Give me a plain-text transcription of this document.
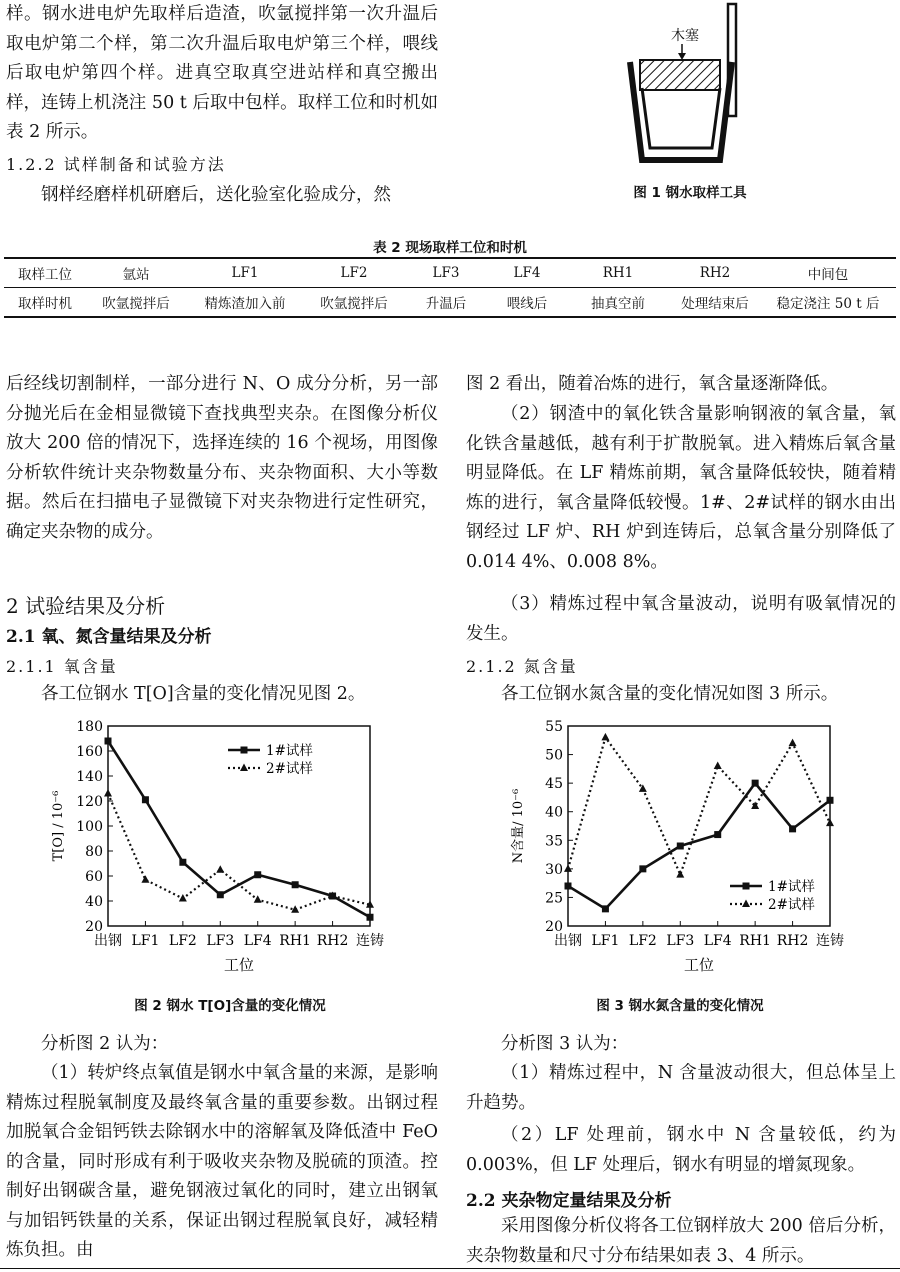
样。钢水进电炉先取样后造渣，吹氩搅拌第一次升温后取电炉第二个样，第二次升温后取电炉第三个样，喂线后取电炉第四个样。进真空取真空进站样和真空搬出样，连铸上机浇注 50 t 后取中包样。取样工位和时机如表 2 所示。

1.2.2 试样制备和试验方法

钢样经磨样机研磨后，送化验室化验成分，然

木塞

图 1 钢水取样工具

表 2 现场取样工位和时机

取样工位	氩站	LF1	LF2	LF3	LF4	RH1	RH2	中间包
取样时机	吹氩搅拌后	精炼渣加入前	吹氩搅拌后	升温后	喂线后	抽真空前	处理结束后	稳定浇注 50 t 后

后经线切割制样，一部分进行 N、O 成分分析，另一部分抛光后在金相显微镜下查找典型夹杂。在图像分析仪放大 200 倍的情况下，选择连续的 16 个视场，用图像分析软件统计夹杂物数量分布、夹杂物面积、大小等数据。然后在扫描电子显微镜下对夹杂物进行定性研究，确定夹杂物的成分。

2 试验结果及分析

2.1 氧、氮含量结果及分析

2.1.1 氧含量

各工位钢水 T[O]含量的变化情况见图 2。

20
40
60
80
100
120
140
160
180
出钢 LF1 LF2 LF3 LF4 RH1 RH2 连铸
工位
T[O] / 10⁻⁶
1#试样
2#试样

图 2 钢水 T[O]含量的变化情况

分析图 2 认为：

（1）转炉终点氧值是钢水中氧含量的来源，是影响精炼过程脱氧制度及最终氧含量的重要参数。出钢过程加脱氧合金铝钙铁去除钢水中的溶解氧及降低渣中 FeO 的含量，同时形成有利于吸收夹杂物及脱硫的顶渣。控制好出钢碳含量，避免钢液过氧化的同时，建立出钢氧与加铝钙铁量的关系，保证出钢过程脱氧良好，减轻精炼负担。由

图 2 看出，随着冶炼的进行，氧含量逐渐降低。

（2）钢渣中的氧化铁含量影响钢液的氧含量，氧化铁含量越低，越有利于扩散脱氧。进入精炼后氧含量明显降低。在 LF 精炼前期，氧含量降低较快，随着精炼的进行，氧含量降低较慢。1#、2#试样的钢水由出钢经过 LF 炉、RH 炉到连铸后，总氧含量分别降低了 0.014 4%、0.008 8%。

（3）精炼过程中氧含量波动，说明有吸氧情况的发生。

2.1.2 氮含量

各工位钢水氮含量的变化情况如图 3 所示。

20
25
30
35
40
45
50
55
出钢 LF1 LF2 LF3 LF4 RH1 RH2 连铸
工位
N含量/ 10⁻⁶
1#试样
2#试样

图 3 钢水氮含量的变化情况

分析图 3 认为：

（1）精炼过程中，N 含量波动很大，但总体呈上升趋势。

（2）LF 处理前，钢水中 N 含量较低，约为 0.003%，但 LF 处理后，钢水有明显的增氮现象。

2.2 夹杂物定量结果及分析

采用图像分析仪将各工位钢样放大 200 倍后分析，夹杂物数量和尺寸分布结果如表 3、4 所示。
